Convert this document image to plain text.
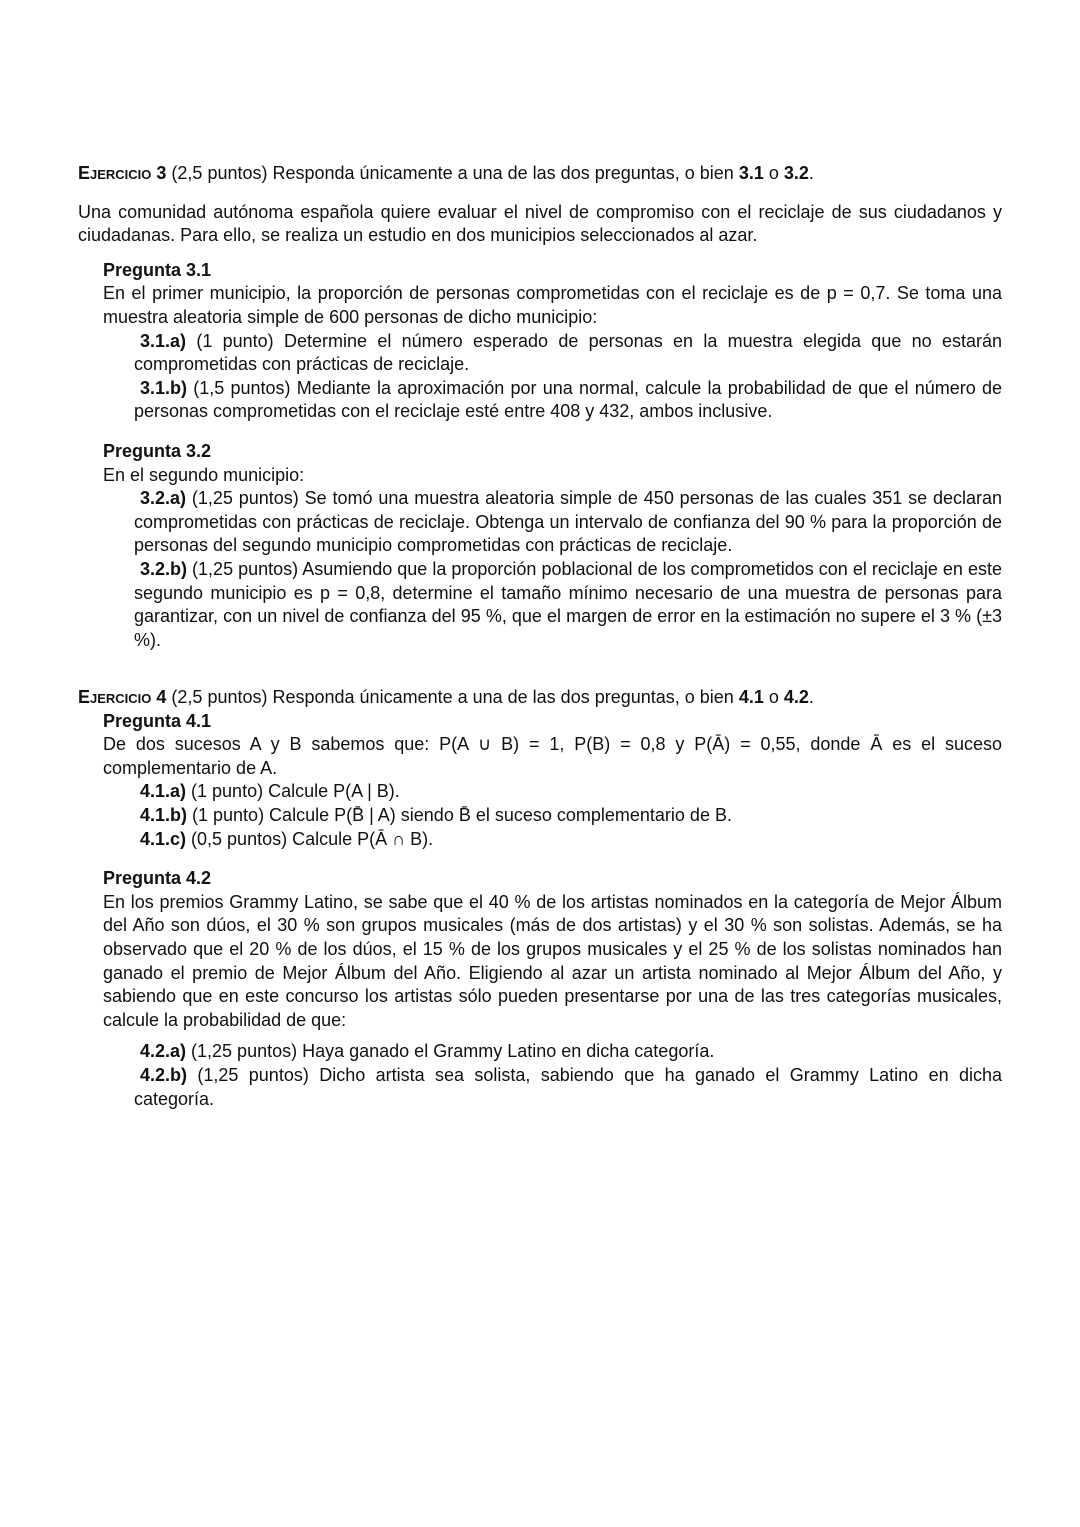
Ejercicio 3 (2,5 puntos) Responda únicamente a una de las dos preguntas, o bien 3.1 o 3.2.

Una comunidad autónoma española quiere evaluar el nivel de compromiso con el reciclaje de sus ciudadanos y ciudadanas. Para ello, se realiza un estudio en dos municipios seleccionados al azar.

Pregunta 3.1

En el primer municipio, la proporción de personas comprometidas con el reciclaje es de p = 0,7. Se toma una muestra aleatoria simple de 600 personas de dicho municipio:

3.1.a) (1 punto) Determine el número esperado de personas en la muestra elegida que no estarán comprometidas con prácticas de reciclaje.

3.1.b) (1,5 puntos) Mediante la aproximación por una normal, calcule la probabilidad de que el número de personas comprometidas con el reciclaje esté entre 408 y 432, ambos inclusive.

Pregunta 3.2

En el segundo municipio:

3.2.a) (1,25 puntos) Se tomó una muestra aleatoria simple de 450 personas de las cuales 351 se declaran comprometidas con prácticas de reciclaje. Obtenga un intervalo de confianza del 90 % para la proporción de personas del segundo municipio comprometidas con prácticas de reciclaje.

3.2.b) (1,25 puntos) Asumiendo que la proporción poblacional de los comprometidos con el reciclaje en este segundo municipio es p = 0,8, determine el tamaño mínimo necesario de una muestra de personas para garantizar, con un nivel de confianza del 95 %, que el margen de error en la estimación no supere el 3 % (±3 %).

Ejercicio 4 (2,5 puntos) Responda únicamente a una de las dos preguntas, o bien 4.1 o 4.2.

Pregunta 4.1

De dos sucesos A y B sabemos que: P(A ∪ B) = 1, P(B) = 0,8 y P(Ā) = 0,55, donde Ā es el suceso complementario de A.

4.1.a) (1 punto) Calcule P(A | B).

4.1.b) (1 punto) Calcule P(B̄ | A) siendo B̄ el suceso complementario de B.

4.1.c) (0,5 puntos) Calcule P(Ā ∩ B).

Pregunta 4.2

En los premios Grammy Latino, se sabe que el 40 % de los artistas nominados en la categoría de Mejor Álbum del Año son dúos, el 30 % son grupos musicales (más de dos artistas) y el 30 % son solistas. Además, se ha observado que el 20 % de los dúos, el 15 % de los grupos musicales y el 25 % de los solistas nominados han ganado el premio de Mejor Álbum del Año. Eligiendo al azar un artista nominado al Mejor Álbum del Año, y sabiendo que en este concurso los artistas sólo pueden presentarse por una de las tres categorías musicales, calcule la probabilidad de que:

4.2.a) (1,25 puntos) Haya ganado el Grammy Latino en dicha categoría.

4.2.b) (1,25 puntos) Dicho artista sea solista, sabiendo que ha ganado el Grammy Latino en dicha categoría.
